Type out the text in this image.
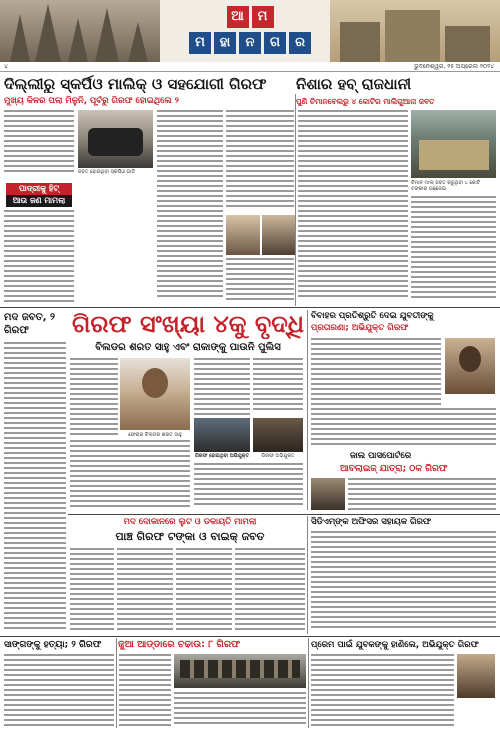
ଆ	ମ
ମ	ହା	ନ	ଗ	ର
୪	ଭୁବନେଶ୍ୱର, ୨୫ ଅପ୍ରେଲ ୨୦୨୪
ଦିଲ୍ଲୀରୁ ସ୍କର୍ପିଓ ମାଲିକ୍ ଓ ସହଯୋଗୀ ଗିରଫ	ନିଶାର ହବ୍ ରାଜଧାନୀ
ମୁଖ୍ୟ କିଳର ପଲା ମିଳୁନି, ପୂର୍ବରୁ ଗିରଫ ହୋଇଥିଲେ ୨	ପୁଣି ଚିମାନବେଲରୁ ୪ କୋଟିର ମାଲିଗୁଆନା ଜବତ
ଜବତ ହୋଇଥିବା ସ୍କର୍ପିଓ ଗାଡି
ପାଦ୍ରୀକୁ ହିଟ୍
ଆଉ ଜଣ ମାମଲା
ଚିମାନ ମାଲ ଜବତ କରୁଥିବା ୪ କୋଟି ଟଙ୍କାର ଗଞ୍ଜେଇ
ମଦ ଜବତ, ୨ ଗିରଫ	ଗିରଫ ସଂଖ୍ୟା ୪କୁ ବୃଦ୍ଧି
ବିଲଡର ଶରତ ସାହୁ ଏବଂ ରାକାଙ୍କୁ ପାଉନି ପୁଲିସ
ଫେରାର ବିଲଡର ଶରତ ସାହୁ
ଗିରଫ ହୋଇଥିବା ଅଭିଯୁକ୍ତ	ଗିରଫ ଅଭିଯୁକ୍ତ
ବିବାହର ପ୍ରତିଶ୍ରୁତି ଦେଇ ଯୁବତୀଙ୍କୁ
ପ୍ରତାରଣା; ଅଭିଯୁକ୍ତ ଗିରଫ
ଜାଲ ପାସପୋର୍ଟରେ
ଆବଲାଇଜ୍ ଯାତ୍ରା; ଠକ ଗିରଫ
ମଦ ଦୋକାନରେ ଲୁଟ ଓ ଡକାୟତି ମାମଲା
ପାଞ୍ଚ ଗିରଫ ଟଙ୍କା ଓ ବାଇକ୍ ଜବତ
ସିଡିଏମ୍‌ଙ୍କ ଅଫିସର ସହାୟକ ଗିରଫ
ସାଙ୍ଗଙ୍କୁ ହତ୍ୟା; ୨ ଗିରଫ	ଜୁଆ ଆଡ୍ଡାରେ ଚଢାଉ: ୮ ଗିରଫ	ପ୍ରେମ ପାଇଁ ଯୁବକଙ୍କୁ ହାଣିଲେ, ଅଭିଯୁକ୍ତ ଗିରଫ
